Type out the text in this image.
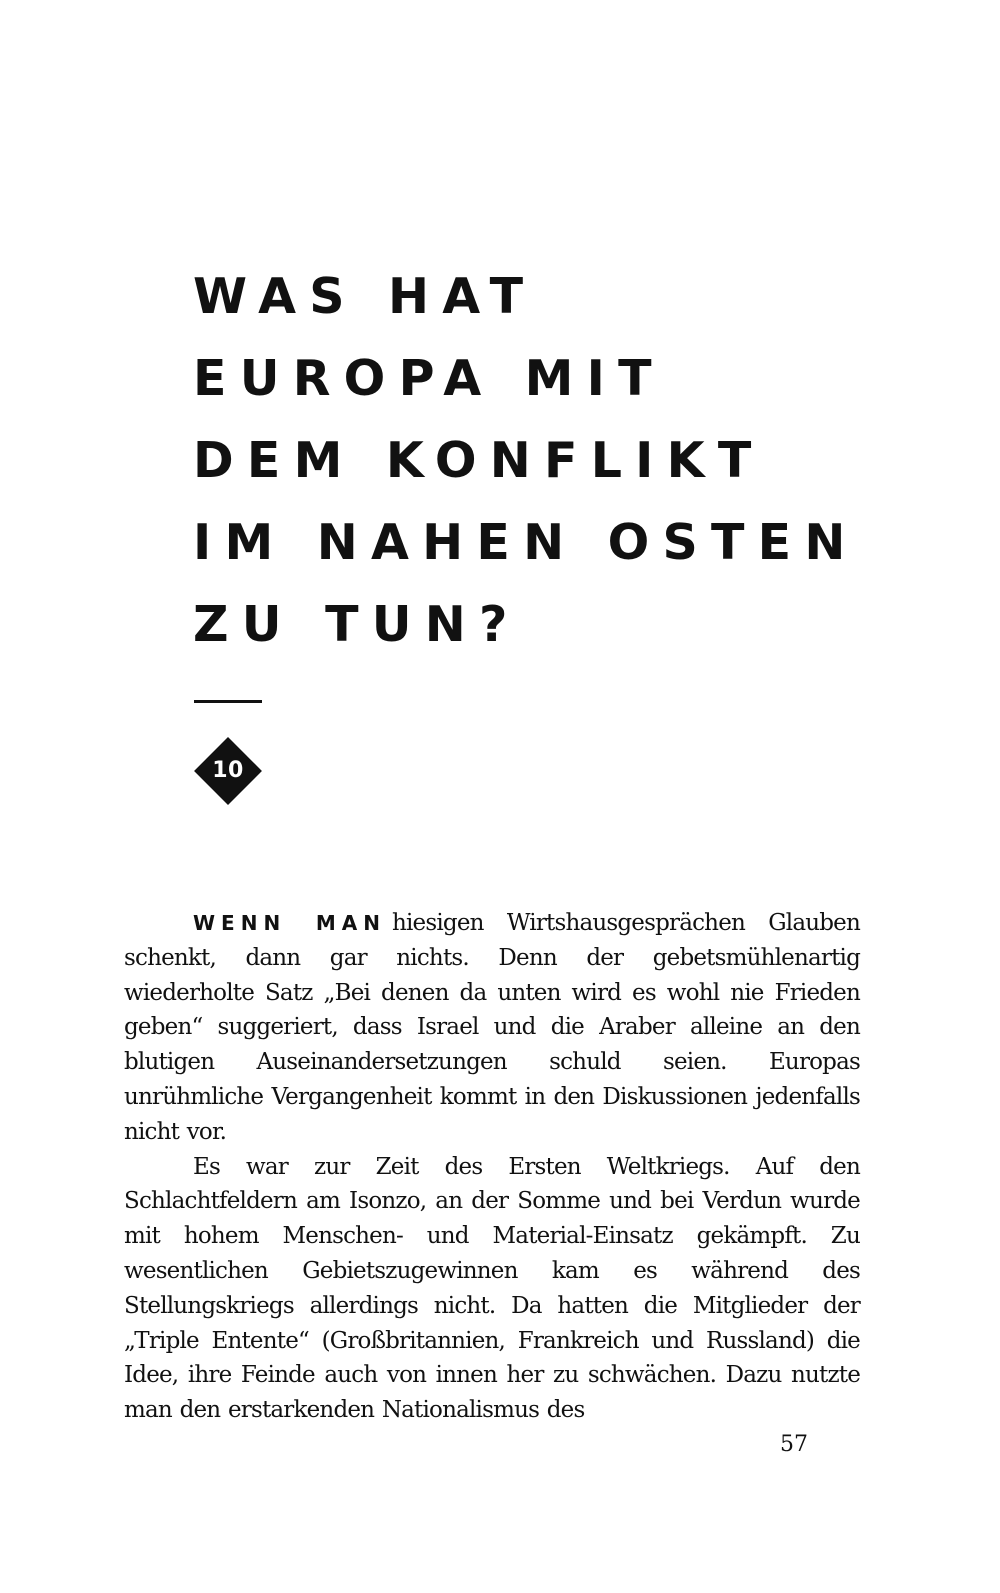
WAS HAT
EUROPA MIT
DEM KONFLIKT
IM NAHEN OSTEN
ZU TUN?
10

WENN MAN hiesigen Wirtshausgesprächen Glauben schenkt, dann gar nichts. Denn der gebetsmühlenartig wiederholte Satz „Bei denen da unten wird es wohl nie Frieden geben“ suggeriert, dass Israel und die Araber alleine an den blutigen Auseinandersetzungen schuld seien. Europas unrühmliche Vergangenheit kommt in den Diskussionen jedenfalls nicht vor.

Es war zur Zeit des Ersten Weltkriegs. Auf den Schlachtfeldern am Isonzo, an der Somme und bei Verdun wurde mit hohem Menschen- und Material-Einsatz gekämpft. Zu wesentlichen Gebietszugewinnen kam es während des Stellungskriegs allerdings nicht. Da hatten die Mitglieder der „Triple Entente“ (Großbritannien, Frankreich und Russland) die Idee, ihre Feinde auch von innen her zu schwächen. Dazu nutzte man den erstarkenden Nationalismus des

57
